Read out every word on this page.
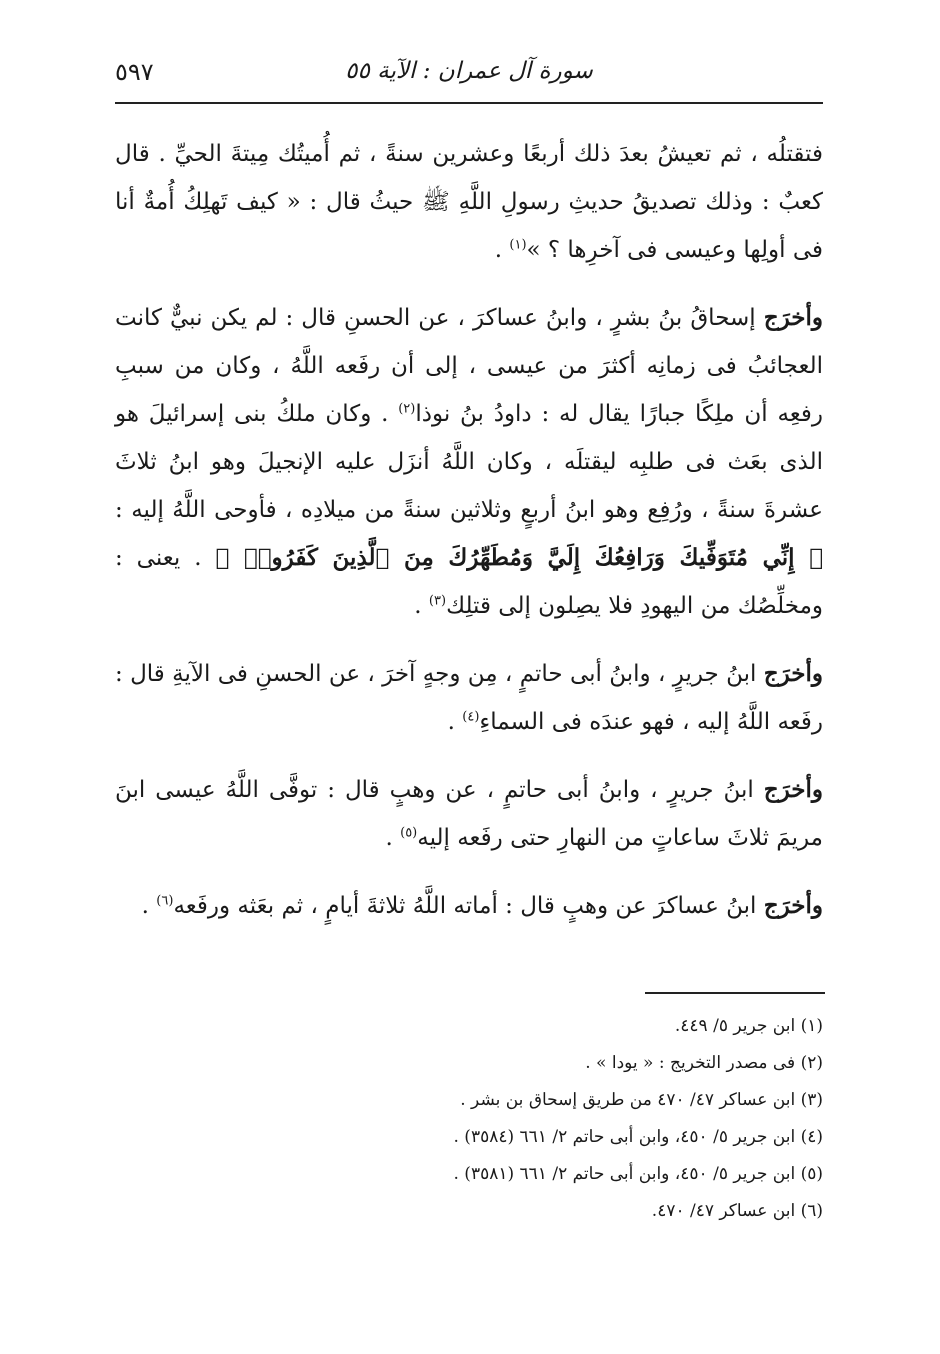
سورة آل عمران : الآية ٥٥
٥٩٧

فتقتلُه ، ثم تعيشُ بعدَ ذلك أربعًا وعشرين سنةً ، ثم أُميتُك مِيتةَ الحيِّ . قال كعبٌ : وذلك تصديقُ حديثِ رسولِ اللَّهِ ﷺ حيثُ قال : « كيف تَهلِكُ أُمةٌ أنا فى أولِها وعيسى فى آخرِها ؟ »$^{(١)}$ .

وأخرَج إسحاقُ بنُ بشرٍ ، وابنُ عساكرَ ، عن الحسنِ قال : لم يكن نبيٌّ كانت العجائبُ فى زمانِه أكثرَ من عيسى ، إلى أن رفَعه اللَّهُ ، وكان من سببِ رفعِه أن ملِكًا جبارًا يقال له : داودُ بنُ نوذا$^{(٢)}$ . وكان ملكُ بنى إسرائيلَ هو الذى بعَث فى طلبِه ليقتلَه ، وكان اللَّهُ أنزَل عليه الإنجيلَ وهو ابنُ ثلاثَ عشرةَ سنةً ، ورُفِع وهو ابنُ أربعٍ وثلاثين سنةً من ميلادِه ، فأوحى اللَّهُ إليه : ﴿ إِنِّي مُتَوَفِّيكَ وَرَافِعُكَ إِلَيَّ وَمُطَهِّرُكَ مِنَ ٱلَّذِينَ كَفَرُوا۟ ﴾ . يعنى : ومخلِّصُك من اليهودِ فلا يصِلون إلى قتلِك$^{(٣)}$ .

وأخرَج ابنُ جريرٍ ، وابنُ أبى حاتمٍ ، مِن وجهٍ آخرَ ، عن الحسنِ فى الآيةِ قال : رفَعه اللَّهُ إليه ، فهو عندَه فى السماءِ$^{(٤)}$ .

وأخرَج ابنُ جريرٍ ، وابنُ أبى حاتمٍ ، عن وهبٍ قال : توفَّى اللَّهُ عيسى ابنَ مريمَ ثلاثَ ساعاتٍ من النهارِ حتى رفَعه إليه$^{(٥)}$ .

وأخرَج ابنُ عساكرَ عن وهبٍ قال : أماته اللَّهُ ثلاثةَ أيامٍ ، ثم بعَثه ورفَعه$^{(٦)}$ .

(١) ابن جرير ٥/ ٤٤٩.

(٢) فى مصدر التخريج : « يودا » .

(٣) ابن عساكر ٤٧/ ٤٧٠ من طريق إسحاق بن بشر .

(٤) ابن جرير ٥/ ٤٥٠، وابن أبى حاتم ٢/ ٦٦١ (٣٥٨٤) .

(٥) ابن جرير ٥/ ٤٥٠، وابن أبى حاتم ٢/ ٦٦١ (٣٥٨١) .

(٦) ابن عساكر ٤٧/ ٤٧٠.
